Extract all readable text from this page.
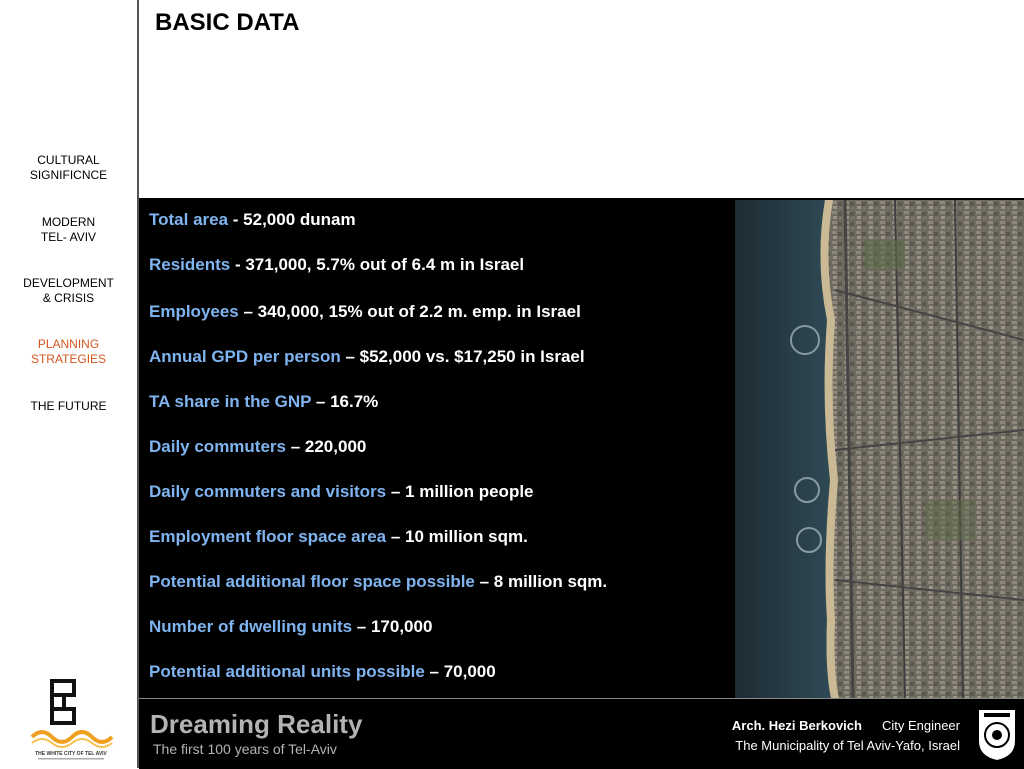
CULTURAL
SIGNIFICNCE
MODERN
TEL- AVIV
DEVELOPMENT
& CRISIS
PLANNING
STRATEGIES
THE FUTURE
THE WHITE CITY OF TEL AVIV
BASIC DATA
Total area - 52,000 dunam
Residents - 371,000, 5.7% out of 6.4 m in Israel
Employees – 340,000, 15% out of 2.2 m. emp. in Israel
Annual GPD per person – $52,000 vs. $17,250 in Israel
TA share in the GNP – 16.7%
Daily commuters – 220,000
Daily commuters and visitors – 1 million people
Employment floor space area – 10 million sqm.
Potential additional floor space possible – 8 million sqm.
Number of dwelling units – 170,000
Potential additional units possible – 70,000
Dreaming Reality
The first 100 years of Tel-Aviv
Arch. Hezi Berkovich City Engineer
The Municipality of Tel Aviv-Yafo, Israel
